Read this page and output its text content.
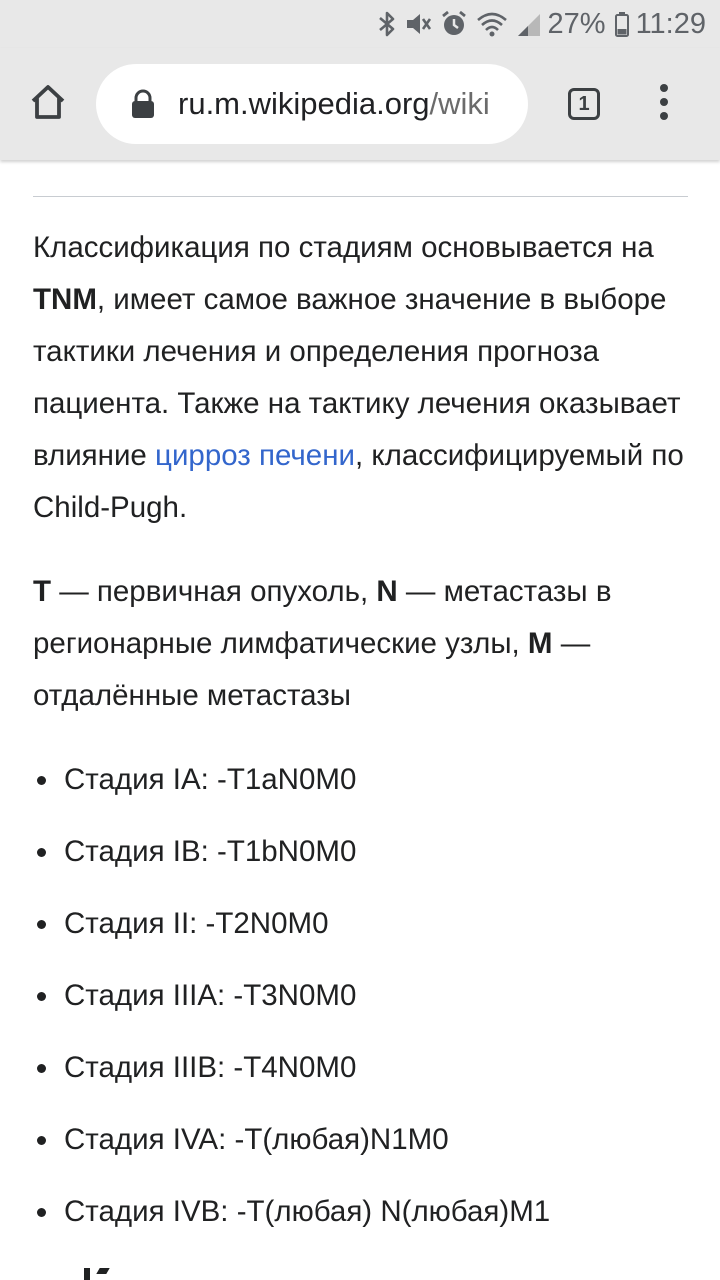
27% 11:29
ru.m.wikipedia.org/wiki	1

Классификация по стадиям основывается на TNM, имеет самое важное значение в выборе тактики лечения и определения прогноза пациента. Также на тактику лечения оказывает влияние цирроз печени, классифицируемый по Child-Pugh.

T — первичная опухоль, N — метастазы в регионарные лимфатические узлы, M — отдалённые метастазы

Стадия IA: -T1aN0M0
Стадия IB: -T1bN0M0
Стадия II: -T2N0M0
Стадия IIIA: -T3N0M0
Стадия IIIB: -T4N0M0
Стадия IVA: -T(любая)N1M0
Стадия IVB: -T(любая) N(любая)M1
